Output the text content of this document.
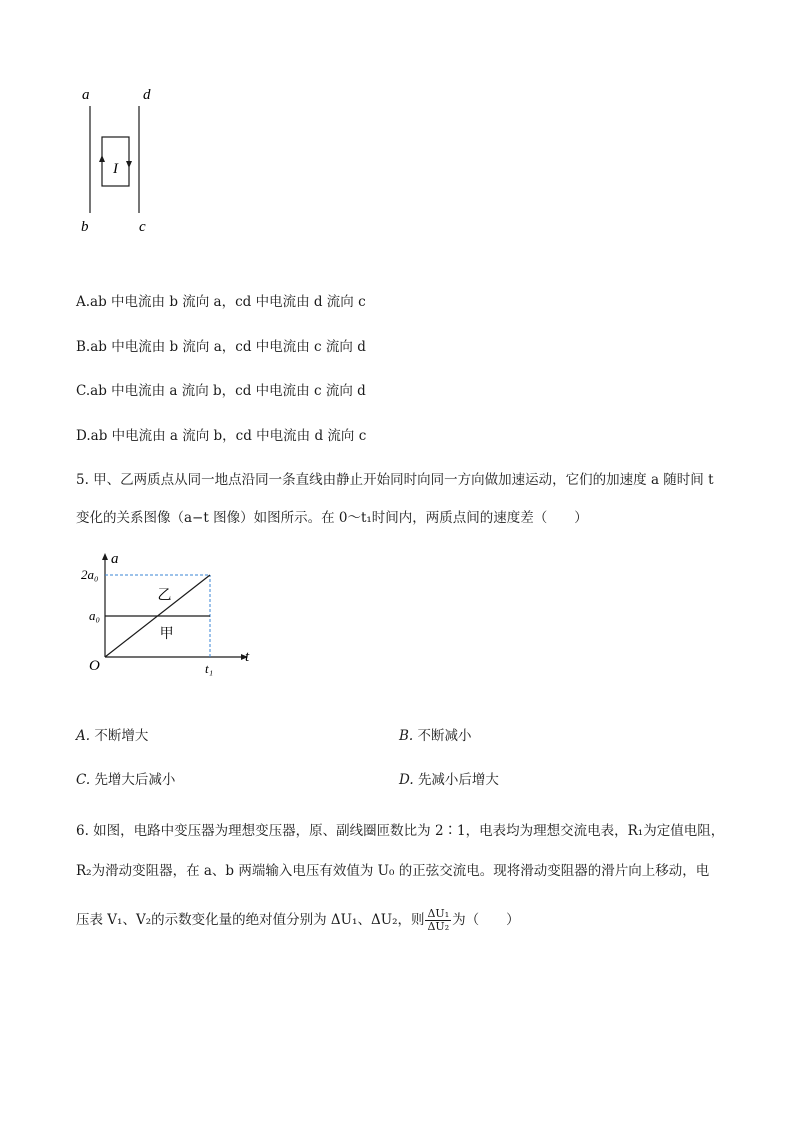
a	d
I
b	c
A.ab 中电流由 b 流向 a，cd 中电流由 d 流向 c
B.ab 中电流由 b 流向 a，cd 中电流由 c 流向 d
C.ab 中电流由 a 流向 b，cd 中电流由 c 流向 d
D.ab 中电流由 a 流向 b，cd 中电流由 d 流向 c
5. 甲、乙两质点从同一地点沿同一条直线由静止开始同时向同一方向做加速运动，它们的加速度 a 随时间 t
变化的关系图像（a−t 图像）如图所示。在 0～t₁时间内，两质点间的速度差（　　）
甲
乙
t
a
O	t₁
a₀
2a₀
A. 不断增大	B. 不断减小
C. 先增大后减小	D. 先减小后增大
6. 如图，电路中变压器为理想变压器，原、副线圈匝数比为 2∶1，电表均为理想交流电表，R₁为定值电阻，
R₂为滑动变阻器，在 a、b 两端输入电压有效值为 U₀ 的正弦交流电。现将滑动变阻器的滑片向上移动，电
压表 V₁、V₂的示数变化量的绝对值分别为 ΔU₁、ΔU₂，则 $\frac{\text{ΔU₁}}{\text{ΔU₂}}$ 为（　　）
